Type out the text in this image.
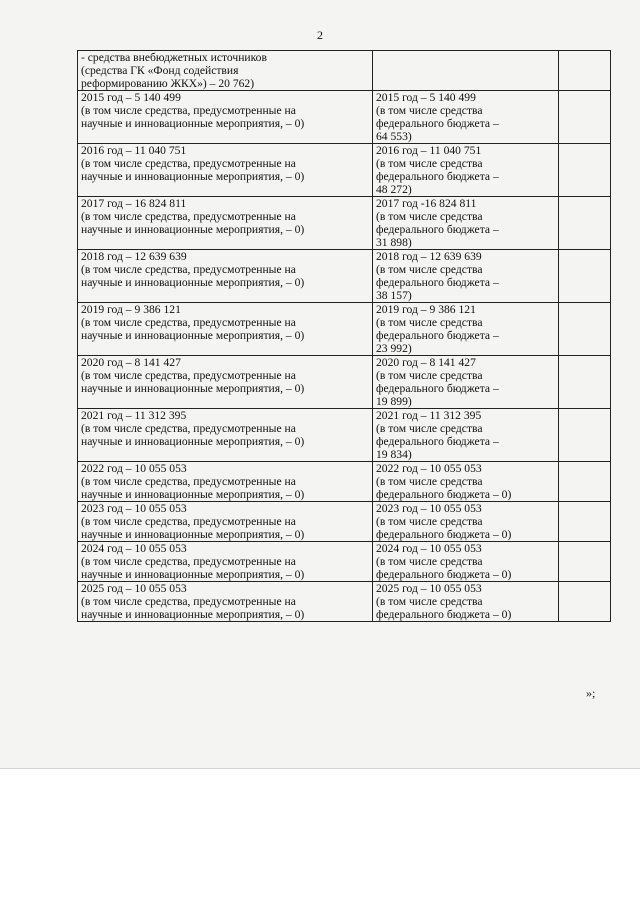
2
- средства внебюджетных источников
(средства ГК «Фонд содействия
реформированию ЖКХ») – 20 762)		

2015 год – 5 140 499
(в том числе средства, предусмотренные на
научные и инновационные мероприятия, – 0)	2015 год – 5 140 499
(в том числе средства
федерального бюджета –
64 553)	

2016 год – 11 040 751
(в том числе средства, предусмотренные на
научные и инновационные мероприятия, – 0)	2016 год – 11 040 751
(в том числе средства
федерального бюджета –
48 272)	

2017 год – 16 824 811
(в том числе средства, предусмотренные на
научные и инновационные мероприятия, – 0)	2017 год -16 824 811
(в том числе средства
федерального бюджета –
31 898)	

2018 год – 12 639 639
(в том числе средства, предусмотренные на
научные и инновационные мероприятия, – 0)	2018 год – 12 639 639
(в том числе средства
федерального бюджета –
38 157)	

2019 год – 9 386 121
(в том числе средства, предусмотренные на
научные и инновационные мероприятия, – 0)	2019 год – 9 386 121
(в том числе средства
федерального бюджета –
23 992)	

2020 год – 8 141 427
(в том числе средства, предусмотренные на
научные и инновационные мероприятия, – 0)	2020 год – 8 141 427
(в том числе средства
федерального бюджета –
19 899)	

2021 год – 11 312 395
(в том числе средства, предусмотренные на
научные и инновационные мероприятия, – 0)	2021 год – 11 312 395
(в том числе средства
федерального бюджета –
19 834)	

2022 год – 10 055 053
(в том числе средства, предусмотренные на
научные и инновационные мероприятия, – 0)	2022 год – 10 055 053
(в том числе средства
федерального бюджета – 0)	

2023 год – 10 055 053
(в том числе средства, предусмотренные на
научные и инновационные мероприятия, – 0)	2023 год – 10 055 053
(в том числе средства
федерального бюджета – 0)	

2024 год – 10 055 053
(в том числе средства, предусмотренные на
научные и инновационные мероприятия, – 0)	2024 год – 10 055 053
(в том числе средства
федерального бюджета – 0)	

2025 год – 10 055 053
(в том числе средства, предусмотренные на
научные и инновационные мероприятия, – 0)	2025 год – 10 055 053
(в том числе средства
федерального бюджета – 0)	

»;
